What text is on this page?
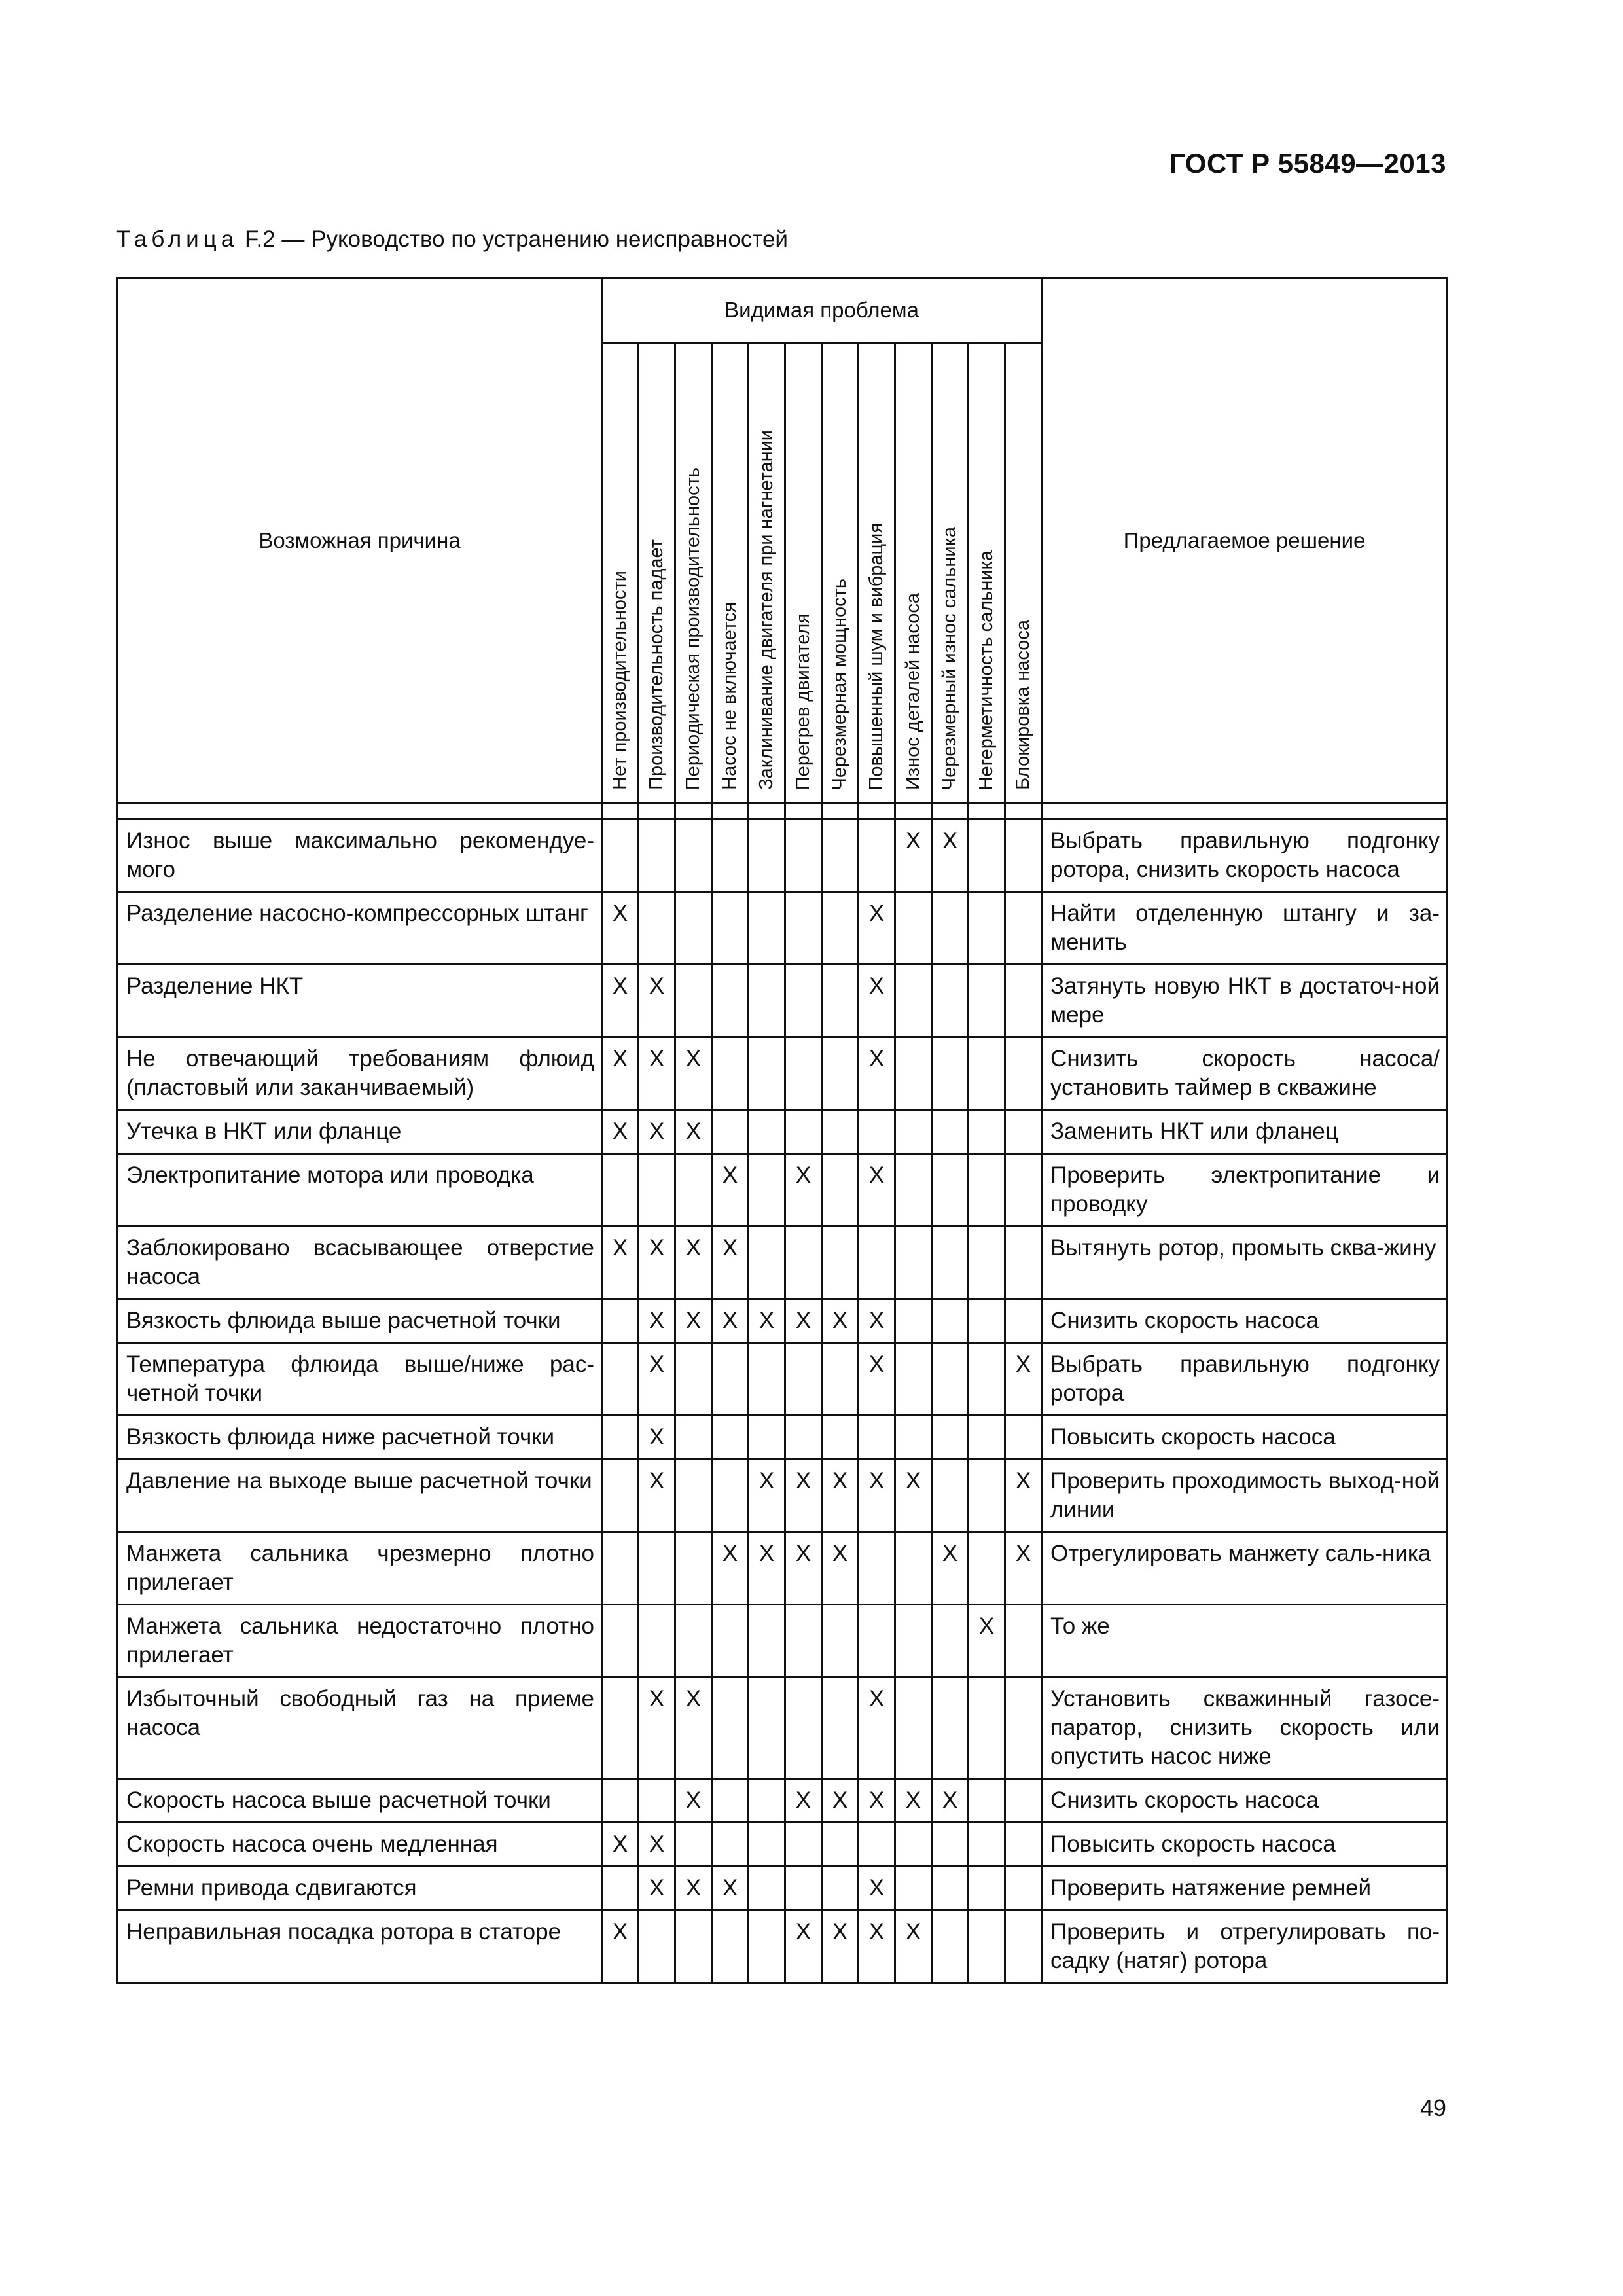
ГОСТ Р 55849—2013
Таблица F.2 — Руководство по устранению неисправностей
Возможная причина	Видимая проблема												Предлагаемое решение

	Нет производительности	Производительность падает	Периодическая производительность	Насос не включается	Заклинивание двигателя при нагнетании	Перегрев двигателя	Черезмерная мощность	Повышенный шум и вибрация	Износ деталей насоса	Черезмерный износ сальника	Негерметичность сальника	Блокировка насоса	

Износ выше максимально рекомендуе-мого									X	X			Выбрать правильную подгонку ротора, снизить скорость насоса
Разделение насосно-компрессорных штанг	X							X					Найти отделенную штангу и за-менить
Разделение НКТ	X	X						X					Затянуть новую НКТ в достаточ-ной мере
Не отвечающий требованиям флюид (пластовый или заканчиваемый)	X	X	X					X					Снизить скорость насоса/ установить таймер в скважине
Утечка в НКТ или фланце	X	X	X										Заменить НКТ или фланец
Электропитание мотора или проводка				X		X		X					Проверить электропитание и проводку
Заблокировано всасывающее отверстие насоса	X	X	X	X									Вытянуть ротор, промыть сква-жину
Вязкость флюида выше расчетной точки		X	X	X	X	X	X	X					Снизить скорость насоса
Температура флюида выше/ниже рас-четной точки		X						X				X	Выбрать правильную подгонку ротора
Вязкость флюида ниже расчетной точки		X											Повысить скорость насоса
Давление на выходе выше расчетной точки		X			X	X	X	X	X			X	Проверить проходимость выход-ной линии
Манжета сальника чрезмерно плотно прилегает				X	X	X	X			X		X	Отрегулировать манжету саль-ника
Манжета сальника недостаточно плотно прилегает											X		То же
Избыточный свободный газ на приеме насоса		X	X					X					Установить скважинный газосе-паратор, снизить скорость или опустить насос ниже
Скорость насоса выше расчетной точки			X			X	X	X	X	X			Снизить скорость насоса
Скорость насоса очень медленная	X	X											Повысить скорость насоса
Ремни привода сдвигаются		X	X	X				X					Проверить натяжение ремней
Неправильная посадка ротора в статоре	X					X	X	X	X				Проверить и отрегулировать по-садку (натяг) ротора
49
